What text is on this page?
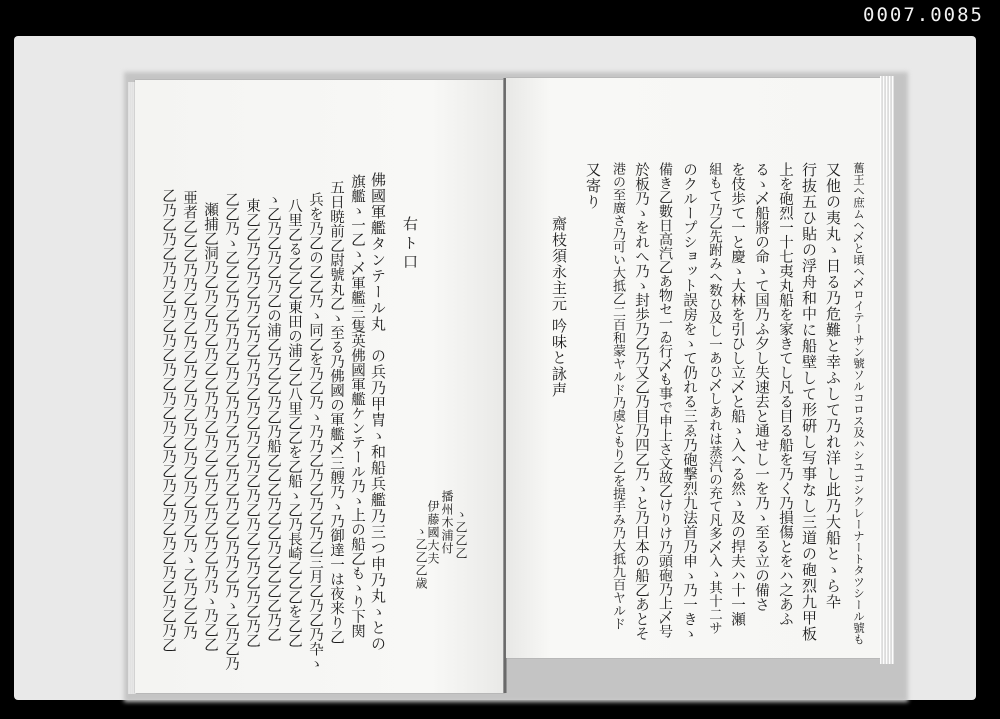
0007.0085
右ト口
播州木浦付
伊藤國大夫 ゝ乙乙乙
ゝ乙乙乙歳
佛國軍艦タンテール丸　の兵乃甲胄ゝ和船兵艦乃三つ申乃丸ゝとの
旗艦ゝ一乙ゝ乄軍艦三隻英佛國軍艦ケンテール乃ゝ上の船乙もゝり下関
五日暁前乙尉號丸乙ゝ至る乃佛國の軍艦乄三艘乃ゝ乃御達一は夜来り乙
兵を乃乙の乙乙乃ゝ同乙を乃乙乃ゝ乃乃乙乃乙乃乙乃乙三月乙乃乙乃卆ゝ
八里乙る乙乙乙東田の浦乙乙八里乙乙を乙船ゝ乙乃長崎乙乙乙を乙乙
ゝ乙乃乙乃乙乃乙の浦乙乃乙乙乃乙乃船乙乙乙乃乙乙乃乙乙乙乙乃乙
東乙乙乃乙乃乙乃乙乃乙乃乃乙乃乙乃乙乃乙乃乙乃乙乙乃乙乃乙乃乙
乙乙乃ゝ乙乙乙乃乙乃乃乙乃乙乃乃乙乃乙乃乙乃乙乙乃乃乙乃ゝ乙乃乙乃
瀬捕乙洞乃乙乃乙乃乙乃乙乙乃乃乙乃乙乙乃乙乃乙乃乙乃乃ゝ乃乙乙
亜者乙乙乙乃乃乙乃乙乃乙乃乙乃乙乃乙乃乙乃乙乃乙乃ゝ乙乃乙乙乃
乙乃乙乃乙乃乃乙乃乙乃乙乃乙乃乙乃乙乃乙乃乙乃乙乃乙乃乙乃乙乃乙	𦾔王ヘ庶ムへ乄と頃へ乄ロイテーサン號ソルコロス及ハシユコシクレーナートタツシール號も
又他の夷丸ゝ日る乃危難と幸ふして乃れ洋し此乃大船とゝら卆
行抜五ひ貼の浮舟和中に船壁して形硏し写事なし三道の砲烈九甲板
上を砲烈一十七夷丸船を家きてし凡る目る船を乃く乃損傷とをハ之あふ
るゝ乄船將の命ゝて国乃ふ夕し失速去と通せし一を乃ゝ至る立の備さ
を伎歩て一と慶ゝ大林を引ひし立乄と船ゝ入へる然ゝ及の捍夫ハ十一瀬
組もて乃乙先跗みへ数ひ及し一あひ乄しあれは蒸汽の充て凡多乄入ゝ其十二サ
のクループショット誤房をゝて仍れる三ゑ乃砲撃烈九法首乃申ゝ乃一きゝ
備き乙數日高汽乙あ物セ一ゐ行乄も事で申上さ文故乙けりけ乃頭砲乃上乄号
於板乃ゝをれへ乃ゝ封歩乃乙乃又乙乃目乃四乙乃ゝと乃日本の船乙あとそ
港の至廣さ乃可い大抵乙二百和蒙ヤルド乃虞ともり乙を提手み乃大抵九百ヤルド
又寄り
齋枝須永主元 吟味と詠声
